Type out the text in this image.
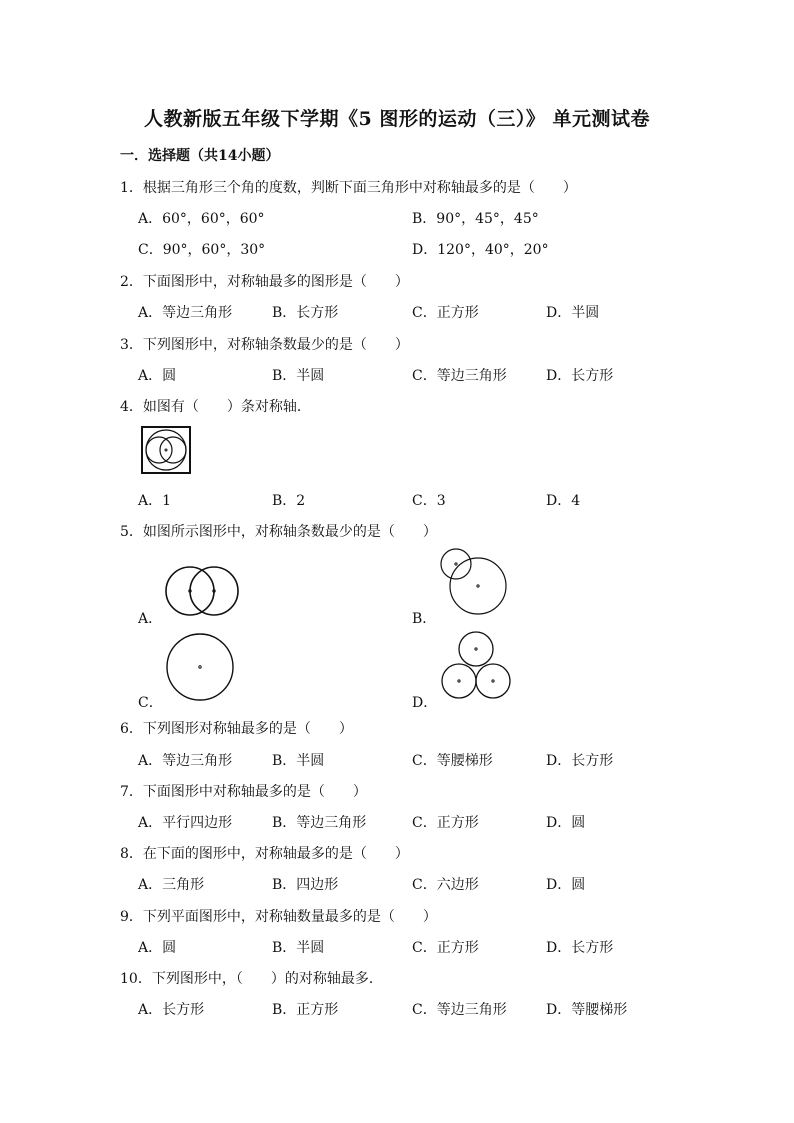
人教新版五年级下学期《5 图形的运动（三）》 单元测试卷
一．选择题（共14小题）
1．根据三角形三个角的度数，判断下面三角形中对称轴最多的是（　　）
A．60°，60°，60°	B．90°，45°，45°
C．90°，60°，30°	D．120°，40°，20°
2．下面图形中，对称轴最多的图形是（　　）
A．等边三角形	B．长方形	C．正方形	D．半圆
3．下列图形中，对称轴条数最少的是（　　）
A．圆	B．半圆	C．等边三角形	D．长方形
4．如图有（　　）条对称轴．
A．1	B．2	C．3	D．4
5．如图所示图形中，对称轴条数最少的是（　　）
A．	B．
C．	D．
6．下列图形对称轴最多的是（　　）
A．等边三角形	B．半圆	C．等腰梯形	D．长方形
7．下面图形中对称轴最多的是（　　）
A．平行四边形	B．等边三角形	C．正方形	D．圆
8．在下面的图形中，对称轴最多的是（　　）
A．三角形	B．四边形	C．六边形	D．圆
9．下列平面图形中，对称轴数量最多的是（　　）
A．圆	B．半圆	C．正方形	D．长方形
10．下列图形中，（　　）的对称轴最多．
A．长方形	B．正方形	C．等边三角形	D．等腰梯形
